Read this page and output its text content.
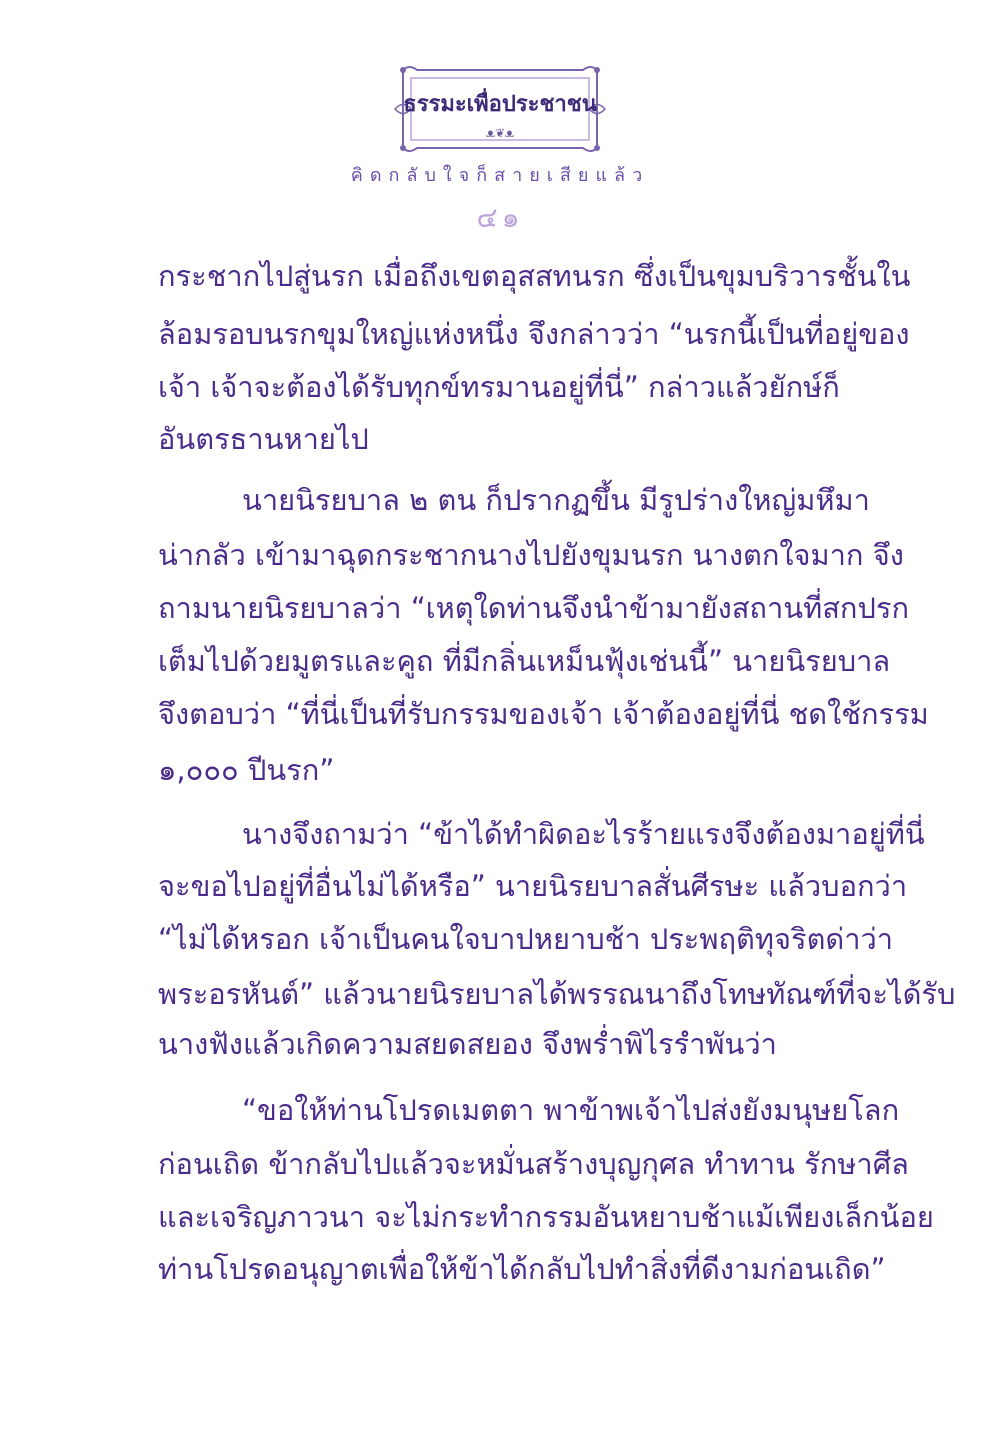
ธรรมะเพื่อประชาชน
ᴥ❦ᴥ
คิดกลับใจก็สายเสียแล้ว
๔๑
กระชากไปสู่นรก เมื่อถึงเขตอุสสทนรก ซึ่งเป็นขุมบริวารชั้นใน
ล้อมรอบนรกขุมใหญ่แห่งหนึ่ง จึงกล่าวว่า “นรกนี้เป็นที่อยู่ของ
เจ้า เจ้าจะต้องได้รับทุกข์ทรมานอยู่ที่นี่” กล่าวแล้วยักษ์ก็
อันตรธานหายไป
นายนิรยบาล ๒ ตน ก็ปรากฏขึ้น มีรูปร่างใหญ่มหึมา
น่ากลัว เข้ามาฉุดกระชากนางไปยังขุมนรก นางตกใจมาก จึง
ถามนายนิรยบาลว่า “เหตุใดท่านจึงนำข้ามายังสถานที่สกปรก
เต็มไปด้วยมูตรและคูถ ที่มีกลิ่นเหม็นฟุ้งเช่นนี้” นายนิรยบาล
จึงตอบว่า “ที่นี่เป็นที่รับกรรมของเจ้า เจ้าต้องอยู่ที่นี่ ชดใช้กรรม
๑,๐๐๐ ปีนรก”
นางจึงถามว่า “ข้าได้ทำผิดอะไรร้ายแรงจึงต้องมาอยู่ที่นี่
จะขอไปอยู่ที่อื่นไม่ได้หรือ” นายนิรยบาลสั่นศีรษะ แล้วบอกว่า
“ไม่ได้หรอก เจ้าเป็นคนใจบาปหยาบช้า ประพฤติทุจริตด่าว่า
พระอรหันต์” แล้วนายนิรยบาลได้พรรณนาถึงโทษทัณฑ์ที่จะได้รับ
นางฟังแล้วเกิดความสยดสยอง จึงพร่ำพิไรรำพันว่า
“ขอให้ท่านโปรดเมตตา พาข้าพเจ้าไปส่งยังมนุษยโลก
ก่อนเถิด ข้ากลับไปแล้วจะหมั่นสร้างบุญกุศล ทำทาน รักษาศีล
และเจริญภาวนา จะไม่กระทำกรรมอันหยาบช้าแม้เพียงเล็กน้อย
ท่านโปรดอนุญาตเพื่อให้ข้าได้กลับไปทำสิ่งที่ดีงามก่อนเถิด”
